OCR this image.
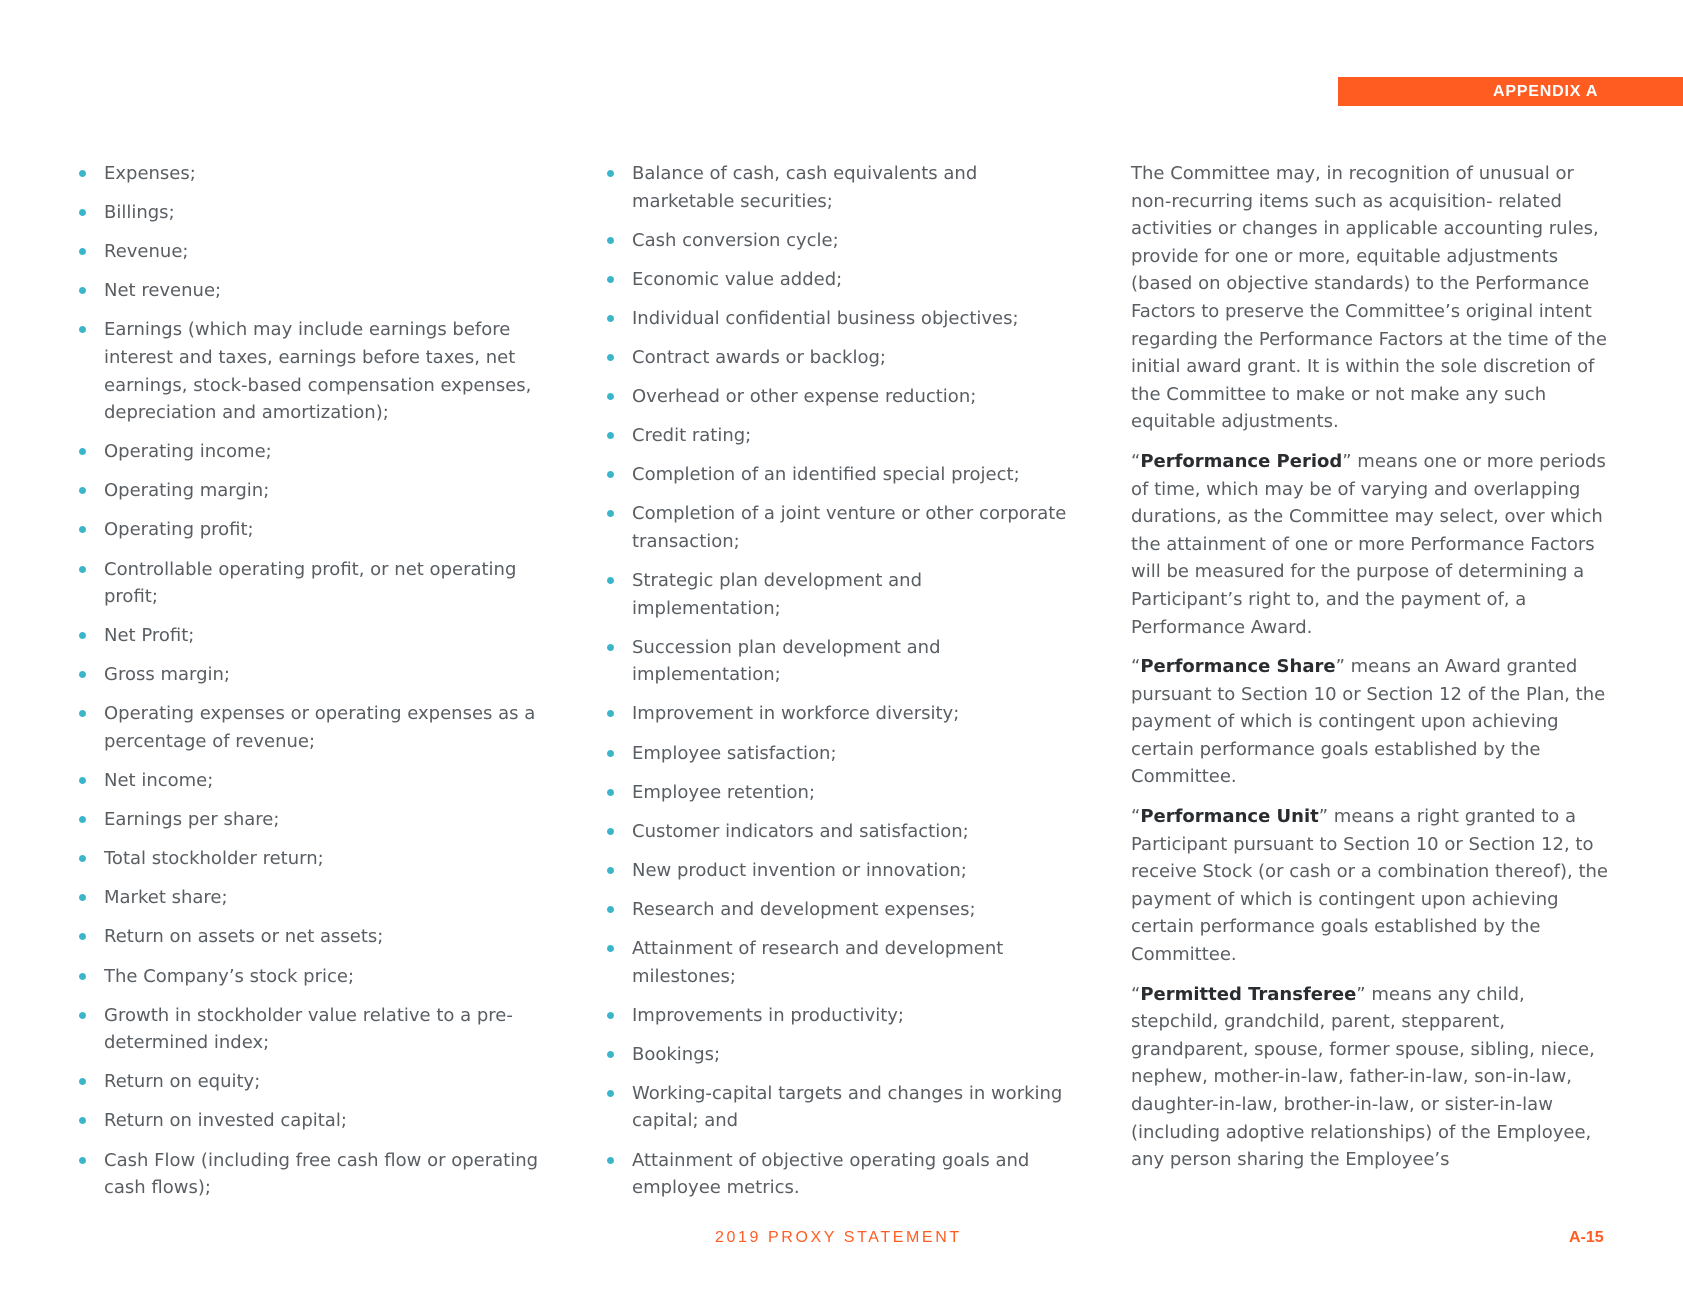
APPENDIX A
Expenses;
Billings;
Revenue;
Net revenue;
Earnings (which may include earnings before interest and taxes, earnings before taxes, net earnings, stock-based compensation expenses, depreciation and amortization);
Operating income;
Operating margin;
Operating profit;
Controllable operating profit, or net operating profit;
Net Profit;
Gross margin;
Operating expenses or operating expenses as a percentage of revenue;
Net income;
Earnings per share;
Total stockholder return;
Market share;
Return on assets or net assets;
The Company’s stock price;
Growth in stockholder value relative to a pre-determined index;
Return on equity;
Return on invested capital;
Cash Flow (including free cash flow or operating cash flows);
Balance of cash, cash equivalents and marketable securities;
Cash conversion cycle;
Economic value added;
Individual confidential business objectives;
Contract awards or backlog;
Overhead or other expense reduction;
Credit rating;
Completion of an identified special project;
Completion of a joint venture or other corporate transaction;
Strategic plan development and implementation;
Succession plan development and implementation;
Improvement in workforce diversity;
Employee satisfaction;
Employee retention;
Customer indicators and satisfaction;
New product invention or innovation;
Research and development expenses;
Attainment of research and development milestones;
Improvements in productivity;
Bookings;
Working-capital targets and changes in working capital; and
Attainment of objective operating goals and employee metrics.

The Committee may, in recognition of unusual or non-recurring items such as acquisition- related activities or changes in applicable accounting rules, provide for one or more, equitable adjustments (based on objective standards) to the Performance Factors to preserve the Committee’s original intent regarding the Performance Factors at the time of the initial award grant. It is within the sole discretion of the Committee to make or not make any such equitable adjustments.

“Performance Period” means one or more periods of time, which may be of varying and overlapping durations, as the Committee may select, over which the attainment of one or more Performance Factors will be measured for the purpose of determining a Participant’s right to, and the payment of, a Performance Award.

“Performance Share” means an Award granted pursuant to Section 10 or Section 12 of the Plan, the payment of which is contingent upon achieving certain performance goals established by the Committee.

“Performance Unit” means a right granted to a Participant pursuant to Section 10 or Section 12, to receive Stock (or cash or a combination thereof), the payment of which is contingent upon achieving certain performance goals established by the Committee.

“Permitted Transferee” means any child, stepchild, grandchild, parent, stepparent, grandparent, spouse, former spouse, sibling, niece, nephew, mother-in-law, father-in-law, son-in-law, daughter-in-law, brother-in-law, or sister-in-law (including adoptive relationships) of the Employee, any person sharing the Employee’s

2019 PROXY STATEMENT	A-15
